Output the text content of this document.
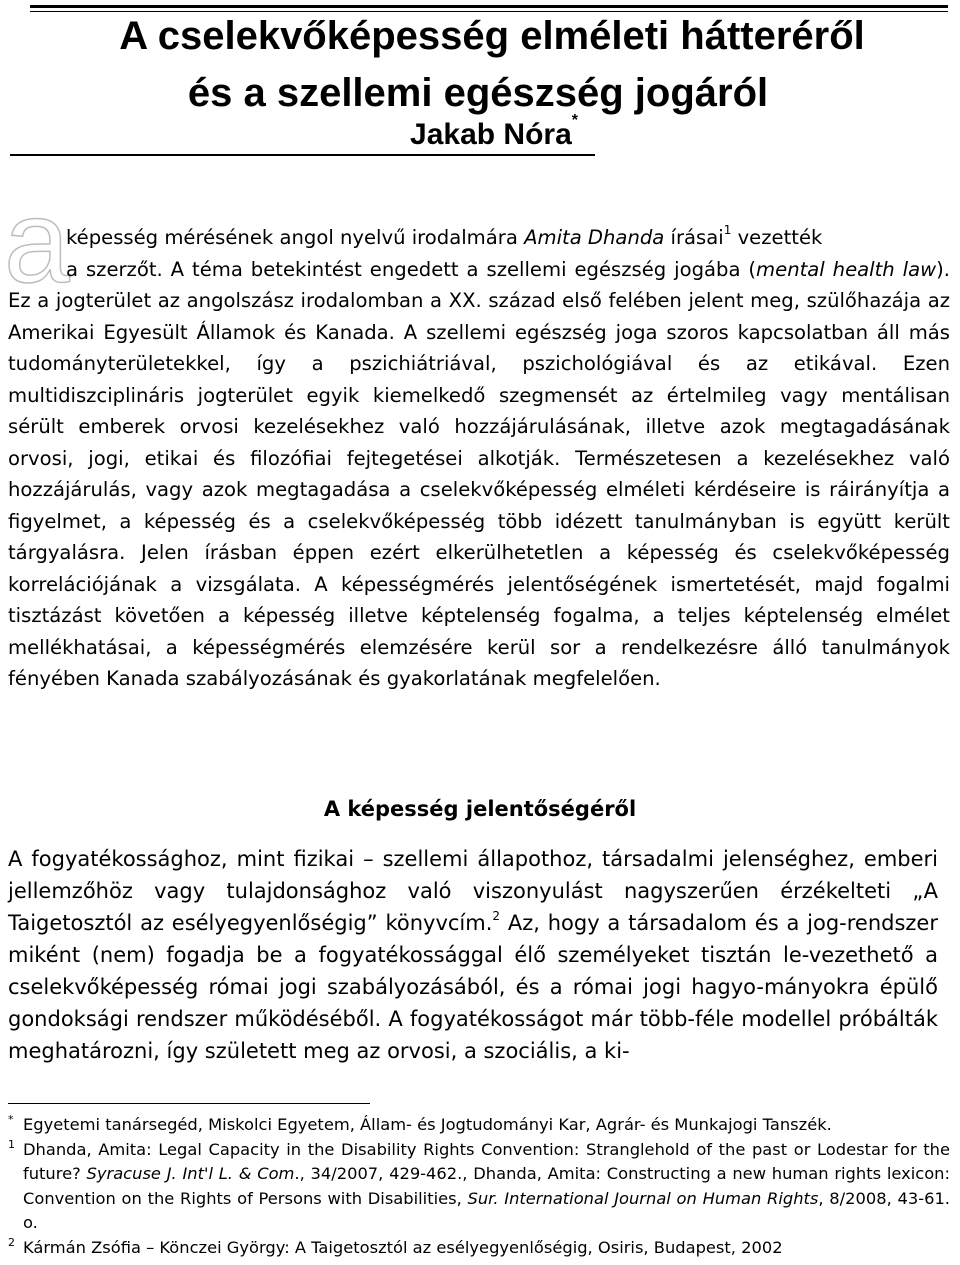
A cselekvőképesség elméleti hátteréről
és a szellemi egészség jogáról
Jakab Nóra*
a

képesség mérésének angol nyelvű irodalmára Amita Dhanda írásai$^1$ vezették
a szerzőt. A téma betekintést engedett a szellemi egészség jogába (mental health law). Ez a jogterület az angolszász irodalomban a XX. század első felében jelent meg, szülőhazája az Amerikai Egyesült Államok és Kanada. A szellemi egészség joga szoros kapcsolatban áll más tudományterületekkel, így a pszichiátriával, pszichológiával és az etikával. Ezen multidiszciplináris jogterület egyik kiemelkedő szegmensét az értelmileg vagy mentálisan sérült emberek orvosi kezelésekhez való hozzájárulásának, illetve azok megtagadásának orvosi, jogi, etikai és filozófiai fejtegetései alkotják. Természetesen a kezelésekhez való hozzájárulás, vagy azok megtagadása a cselekvőképesség elméleti kérdéseire is ráirányítja a figyelmet, a képesség és a cselekvőképesség több idézett tanulmányban is együtt került tárgyalásra. Jelen írásban éppen ezért elkerülhetetlen a képesség és cselekvőképesség korrelációjának a vizsgálata. A képességmérés jelentőségének ismertetését, majd fogalmi tisztázást követően a képesség illetve képtelenség fogalma, a teljes képtelenség elmélet mellékhatásai, a képességmérés elemzésére kerül sor a rendelkezésre álló tanulmányok fényében Kanada szabályozásának és gyakorlatának megfelelően.

A képesség jelentőségéről

A fogyatékossághoz, mint fizikai – szellemi állapothoz, társadalmi jelenséghez, emberi jellemzőhöz vagy tulajdonsághoz való viszonyulást nagyszerűen érzékelteti „A Taigetosztól az esélyegyenlőségig” könyvcím.$^2$ Az, hogy a társadalom és a jog-rendszer miként (nem) fogadja be a fogyatékossággal élő személyeket tisztán le-vezethető a cselekvőképesség római jogi szabályozásából, és a római jogi hagyo-mányokra épülő gondoksági rendszer működéséből. A fogyatékosságot már több-féle modellel próbálták meghatározni, így született meg az orvosi, a szociális, a ki-

* Egyetemi tanársegéd, Miskolci Egyetem, Állam- és Jogtudományi Kar, Agrár- és Munkajogi Tanszék.

1 Dhanda, Amita: Legal Capacity in the Disability Rights Convention: Stranglehold of the past or Lodestar for the future? Syracuse J. Int'l L. & Com., 34/2007, 429-462., Dhanda, Amita: Constructing a new human rights lexicon: Convention on the Rights of Persons with Disabilities, Sur. International Journal on Human Rights, 8/2008, 43-61. o.

2 Kármán Zsófia – Könczei György: A Taigetosztól az esélyegyenlőségig, Osiris, Budapest, 2002
